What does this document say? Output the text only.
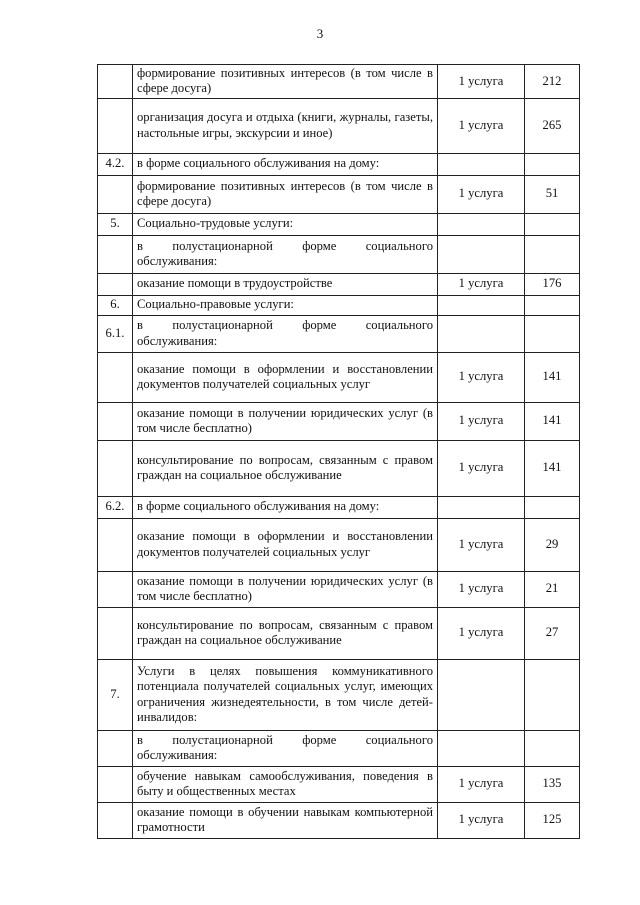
3
	формирование позитивных интересов (в том числе в сфере досуга)	1 услуга	212
	организация досуга и отдыха (книги, журналы, газеты, настольные игры, экскурсии и иное)	1 услуга	265
4.2.	в форме социального обслуживания на дому:		
	формирование позитивных интересов (в том числе в сфере досуга)	1 услуга	51
5.	Социально-трудовые услуги:		
	в полустационарной форме социального обслуживания:		
	оказание помощи в трудоустройстве	1 услуга	176
6.	Социально-правовые услуги:		
6.1.	в полустационарной форме социального обслуживания:		
	оказание помощи в оформлении и восстановлении документов получателей социальных услуг	1 услуга	141
	оказание помощи в получении юридических услуг (в том числе бесплатно)	1 услуга	141
	консультирование по вопросам, связанным с правом граждан на социальное обслуживание	1 услуга	141
6.2.	в форме социального обслуживания на дому:		
	оказание помощи в оформлении и восстановлении документов получателей социальных услуг	1 услуга	29
	оказание помощи в получении юридических услуг (в том числе бесплатно)	1 услуга	21
	консультирование по вопросам, связанным с правом граждан на социальное обслуживание	1 услуга	27
7.	Услуги в целях повышения коммуникативного потенциала получателей социальных услуг, имеющих ограничения жизнедеятельности, в том числе детей-инвалидов:		
	в полустационарной форме социального обслуживания:		
	обучение навыкам самообслуживания, поведения в быту и общественных местах	1 услуга	135
	оказание помощи в обучении навыкам компьютерной грамотности	1 услуга	125
